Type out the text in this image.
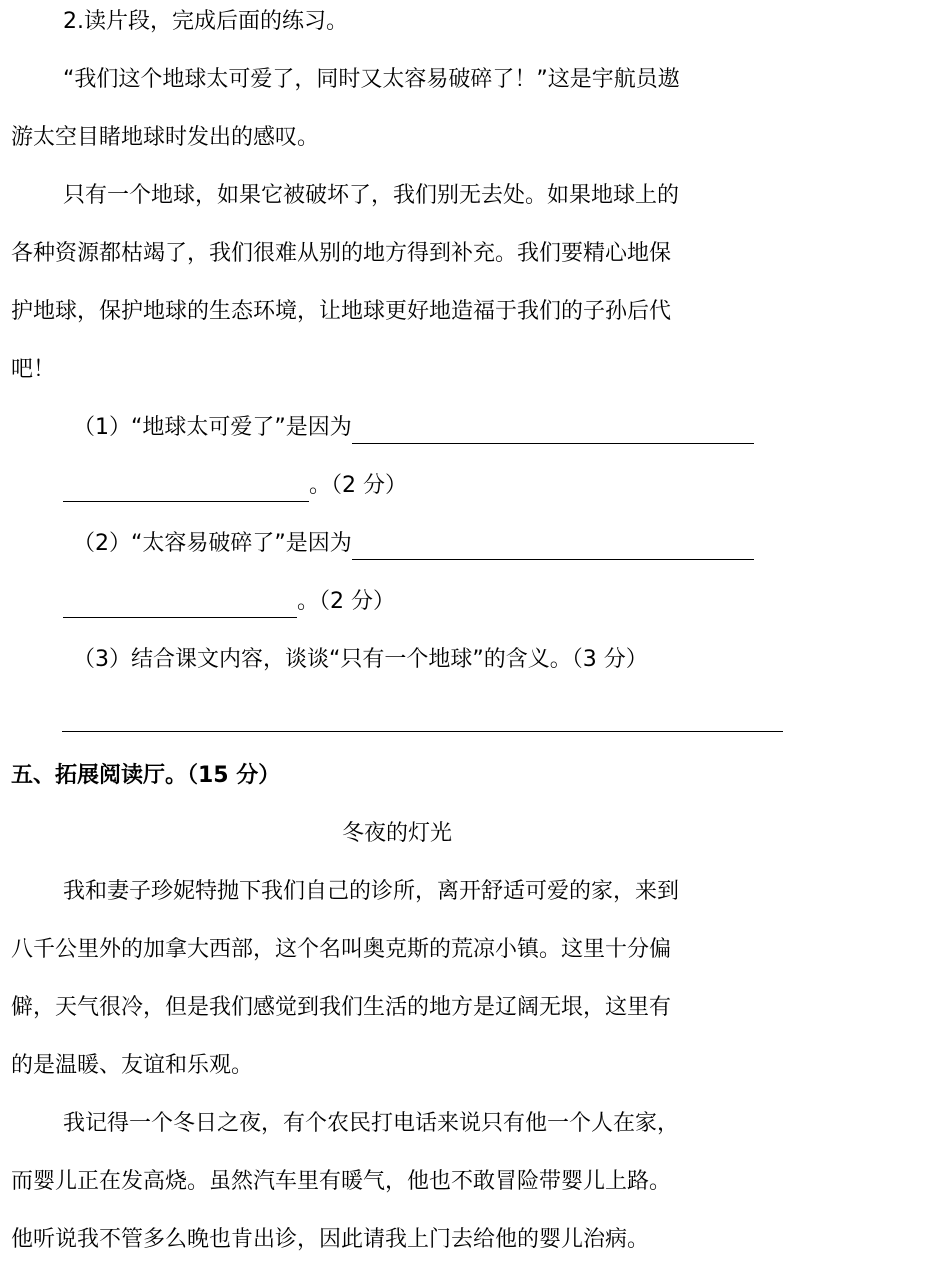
2.读片段，完成后面的练习。
“我们这个地球太可爱了，同时又太容易破碎了！”这是宇航员遨
游太空目睹地球时发出的感叹。
只有一个地球，如果它被破坏了，我们别无去处。如果地球上的
各种资源都枯竭了，我们很难从别的地方得到补充。我们要精心地保
护地球，保护地球的生态环境，让地球更好地造福于我们的子孙后代
吧！
（1）“地球太可爱了”是因为
。（2 分）
（2）“太容易破碎了”是因为
。（2 分）
（3）结合课文内容，谈谈“只有一个地球”的含义。（3 分）
五、拓展阅读厅。（15 分）
冬夜的灯光
我和妻子珍妮特抛下我们自己的诊所，离开舒适可爱的家，来到
八千公里外的加拿大西部，这个名叫奥克斯的荒凉小镇。这里十分偏
僻，天气很冷，但是我们感觉到我们生活的地方是辽阔无垠，这里有
的是温暖、友谊和乐观。
我记得一个冬日之夜，有个农民打电话来说只有他一个人在家，
而婴儿正在发高烧。虽然汽车里有暖气，他也不敢冒险带婴儿上路。
他听说我不管多么晚也肯出诊，因此请我上门去给他的婴儿治病。
